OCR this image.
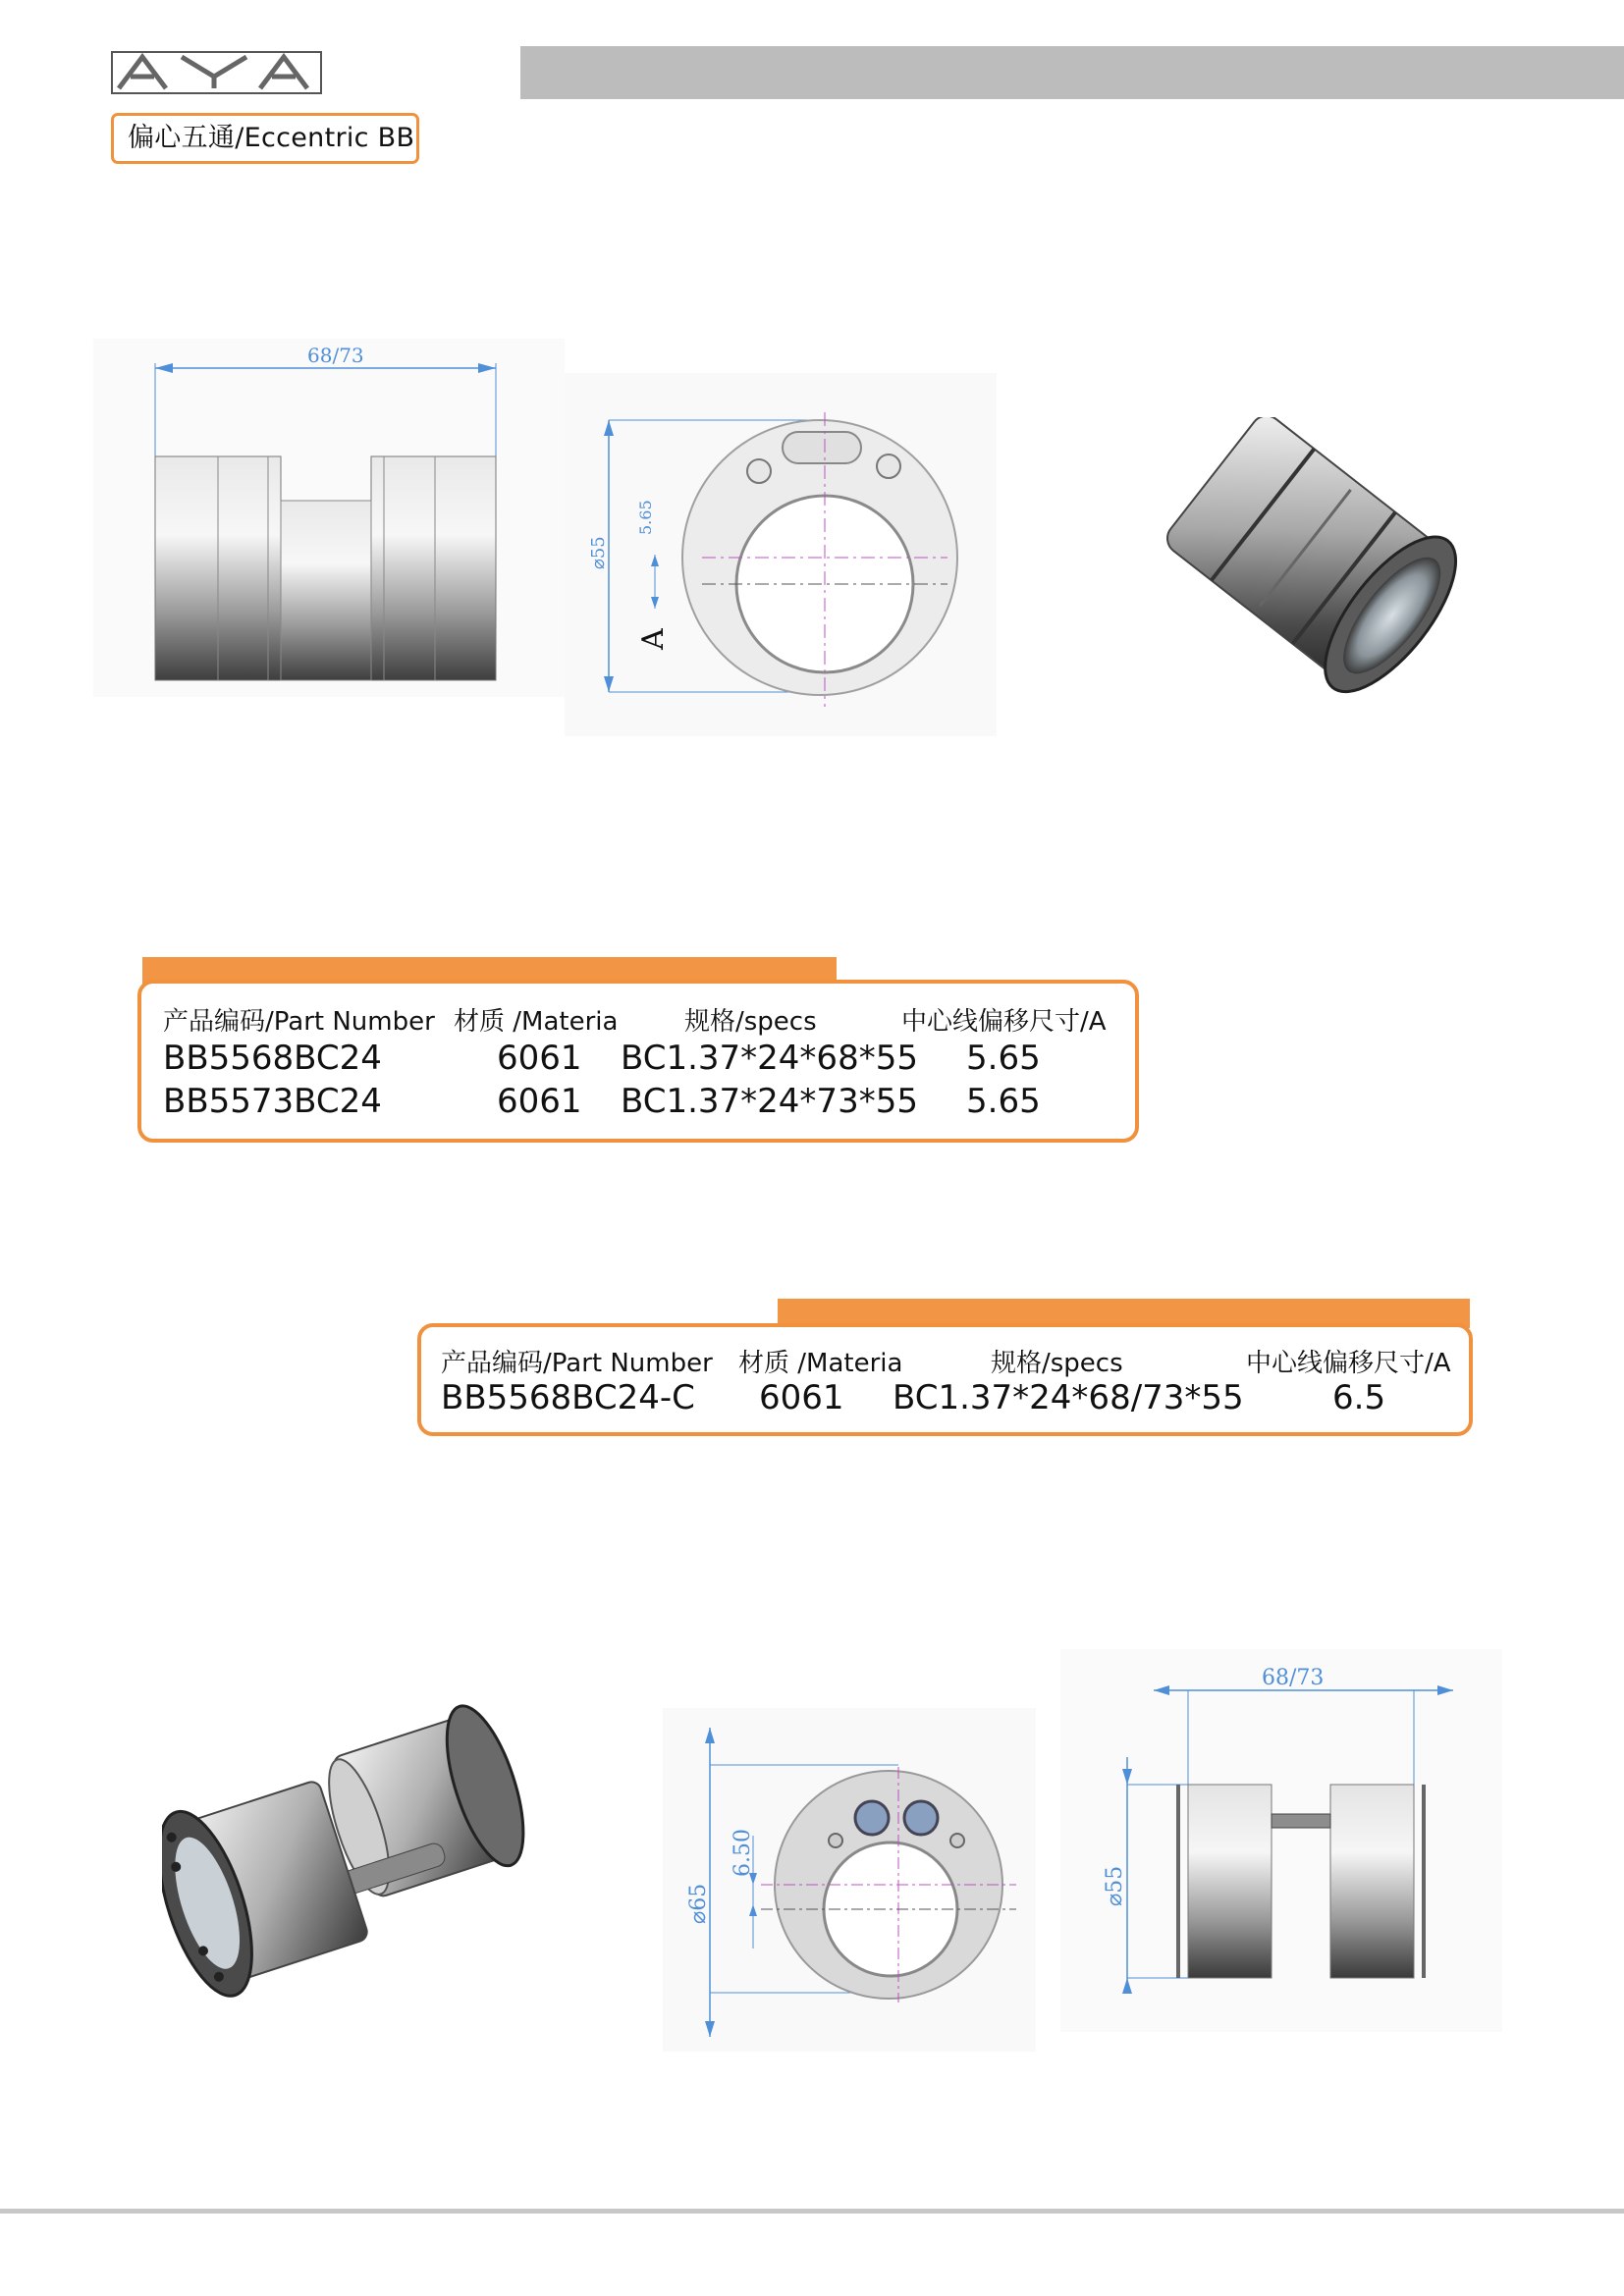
AYA
偏心五通/Eccentric BB
68/73
⌀55
5.65
A
产品编码/Part Number 材质 /Materia	规格/specs	中心线偏移尺寸/A
BB5568BC24	6061 BC1.37*24*68*55 5.65
BB5573BC24	6061 BC1.37*24*73*55 5.65
产品编码/Part Number 材质 /Materia	规格/specs	中心线偏移尺寸/A
BB5568BC24-C 6061 BC1.37*24*68/73*55	6.5
⌀65
6.50
68/73
⌀55
